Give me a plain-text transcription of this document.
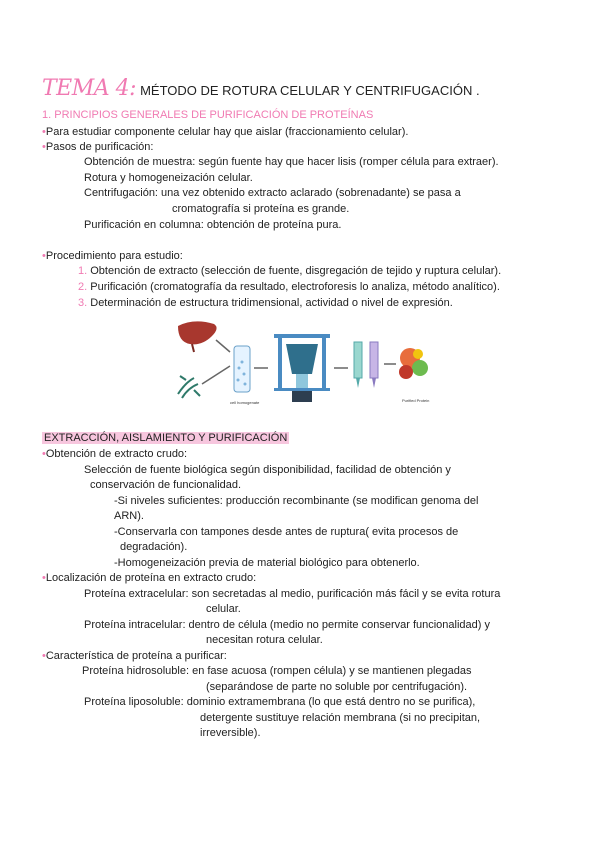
TEMA 4: MÉTODO DE ROTURA CELULAR Y CENTRIFUGACIÓN .
1. PRINCIPIOS GENERALES DE PURIFICACIÓN DE PROTEÍNAS
•Para estudiar componente celular hay que aislar (fraccionamiento celular).
•Pasos de purificación:
Obtención de muestra: según fuente hay que hacer lisis (romper célula para extraer).
Rotura y homogeneización celular.
Centrifugación: una vez obtenido extracto aclarado (sobrenadante) se pasa a
cromatografía si proteína es grande.
Purificación en columna: obtención de proteína pura.
•Procedimiento para estudio:
1. Obtención de extracto (selección de fuente, disgregación de tejido y ruptura celular).
2. Purificación (cromatografía da resultado, electroforesis lo analiza, método analítico).
3. Determinación de estructura tridimensional, actividad o nivel de expresión.
cell homogenate	Purified Protein
EXTRACCIÓN, AISLAMIENTO Y PURIFICACIÓN
•Obtención de extracto crudo:
Selección de fuente biológica según disponibilidad, facilidad de obtención y
conservación de funcionalidad.
-Si niveles suficientes: producción recombinante (se modifican genoma del
ARN).
-Conservarla con tampones desde antes de ruptura( evita procesos de
degradación).
-Homogeneización previa de material biológico para obtenerlo.
•Localización de proteína en extracto crudo:
Proteína extracelular: son secretadas al medio, purificación más fácil y se evita rotura
celular.
Proteína intracelular: dentro de célula (medio no permite conservar funcionalidad) y
necesitan rotura celular.
•Característica de proteína a purificar:
Proteína hidrosoluble: en fase acuosa (rompen célula) y se mantienen plegadas
(separándose de parte no soluble por centrifugación).
Proteína liposoluble: dominio extramembrana (lo que está dentro no se purifica),
detergente sustituye relación membrana (si no precipitan,
irreversible).
